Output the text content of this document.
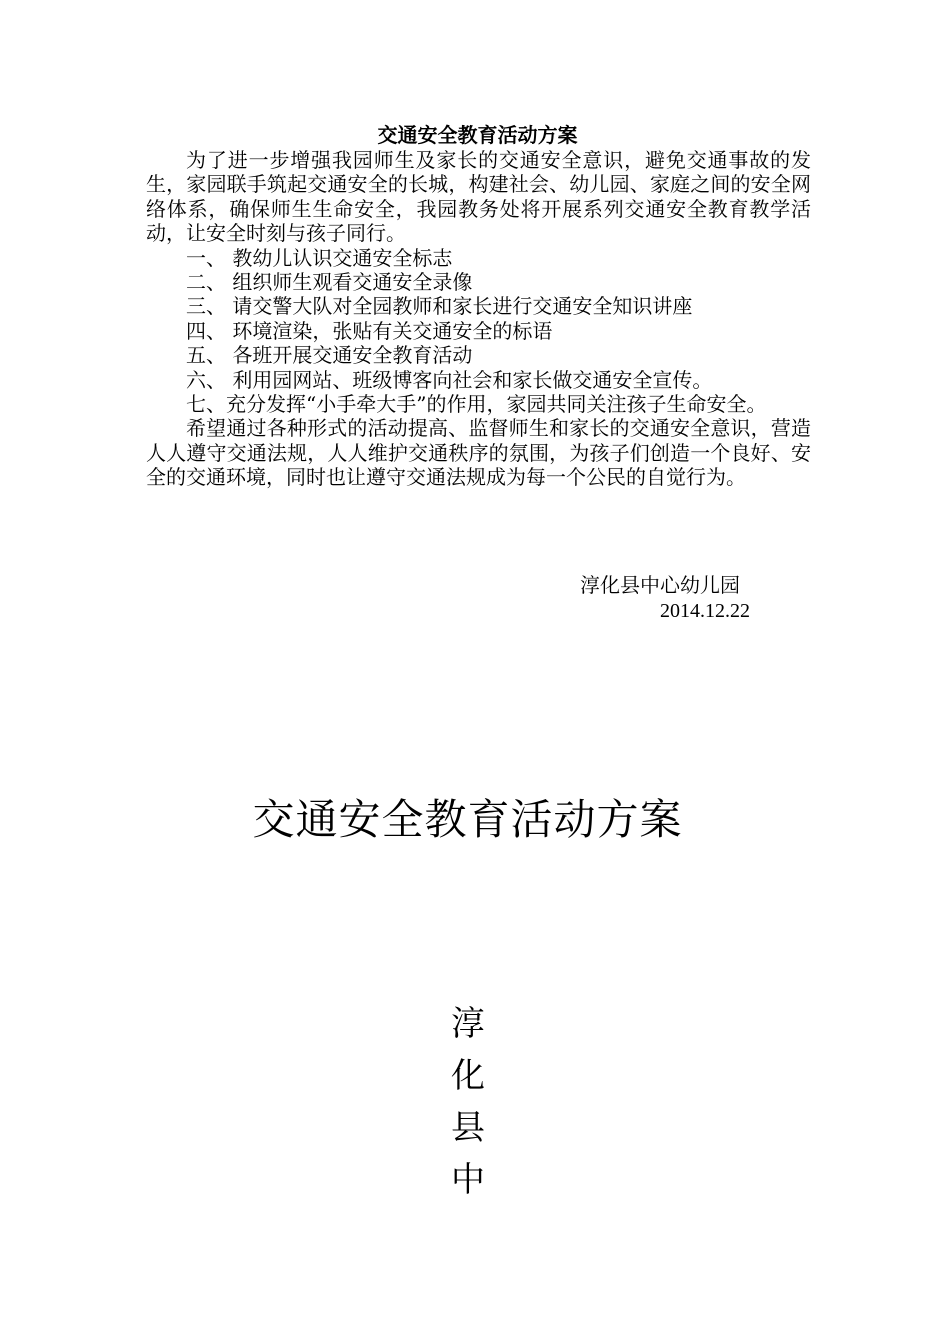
交通安全教育活动方案

为了进一步增强我园师生及家长的交通安全意识，避免交通事故的发生，家园联手筑起交通安全的长城，构建社会、幼儿园、家庭之间的安全网络体系，确保师生生命安全，我园教务处将开展系列交通安全教育教学活动，让安全时刻与孩子同行。

一、 教幼儿认识交通安全标志

二、 组织师生观看交通安全录像

三、 请交警大队对全园教师和家长进行交通安全知识讲座

四、 环境渲染，张贴有关交通安全的标语

五、 各班开展交通安全教育活动

六、 利用园网站、班级博客向社会和家长做交通安全宣传。

七、充分发挥“小手牵大手”的作用，家园共同关注孩子生命安全。

希望通过各种形式的活动提高、监督师生和家长的交通安全意识，营造人人遵守交通法规，人人维护交通秩序的氛围，为孩子们创造一个良好、安全的交通环境，同时也让遵守交通法规成为每一个公民的自觉行为。

淳化县中心幼儿园
2014.12.22
交通安全教育活动方案
淳
化
县
中
